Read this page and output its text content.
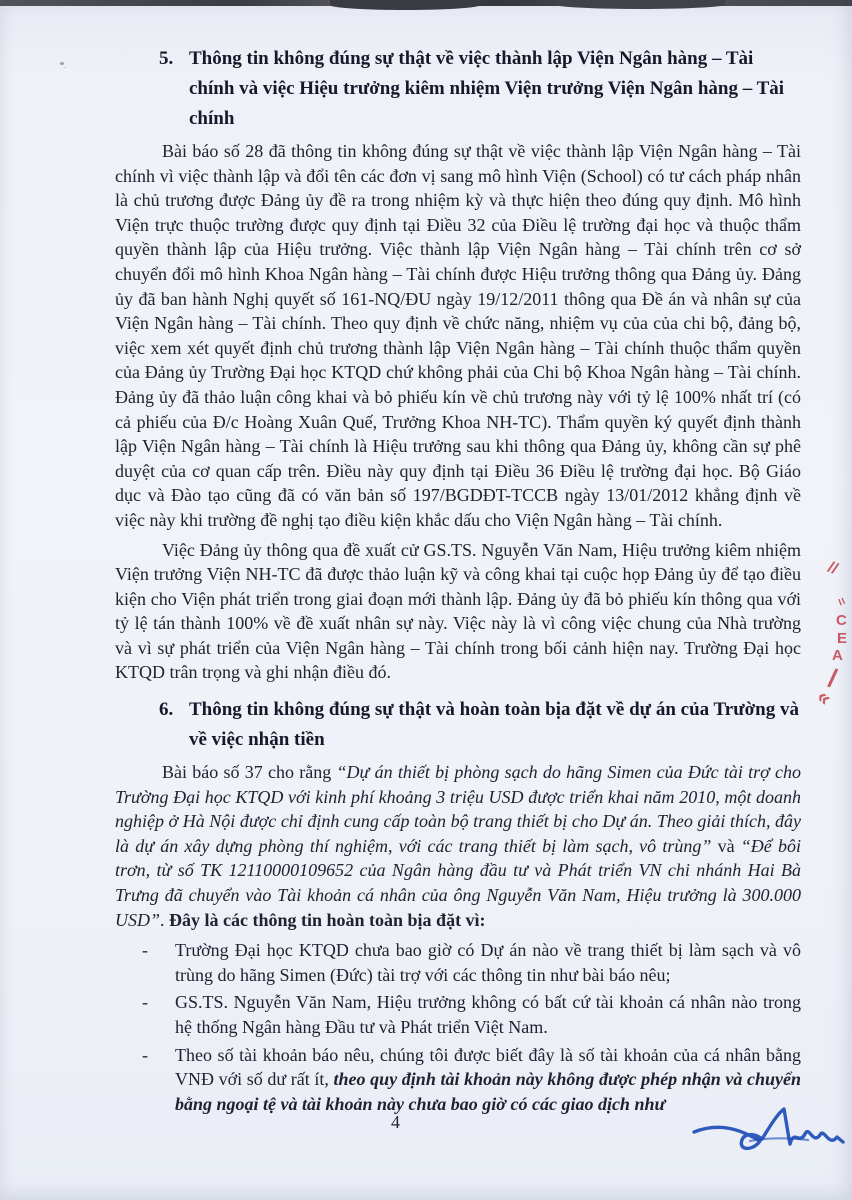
5. Thông tin không đúng sự thật về việc thành lập Viện Ngân hàng – Tài chính và việc Hiệu trưởng kiêm nhiệm Viện trưởng Viện Ngân hàng – Tài chính

Bài báo số 28 đã thông tin không đúng sự thật về việc thành lập Viện Ngân hàng – Tài chính vì việc thành lập và đổi tên các đơn vị sang mô hình Viện (School) có tư cách pháp nhân là chủ trương được Đảng ủy đề ra trong nhiệm kỳ và thực hiện theo đúng quy định. Mô hình Viện trực thuộc trường được quy định tại Điều 32 của Điều lệ trường đại học và thuộc thẩm quyền thành lập của Hiệu trưởng. Việc thành lập Viện Ngân hàng – Tài chính trên cơ sở chuyển đổi mô hình Khoa Ngân hàng – Tài chính được Hiệu trưởng thông qua Đảng ủy. Đảng ủy đã ban hành Nghị quyết số 161-NQ/ĐU ngày 19/12/2011 thông qua Đề án và nhân sự của Viện Ngân hàng – Tài chính. Theo quy định về chức năng, nhiệm vụ của của chi bộ, đảng bộ, việc xem xét quyết định chủ trương thành lập Viện Ngân hàng – Tài chính thuộc thẩm quyền của Đảng ủy Trường Đại học KTQD chứ không phải của Chi bộ Khoa Ngân hàng – Tài chính. Đảng ủy đã thảo luận công khai và bỏ phiếu kín về chủ trương này với tỷ lệ 100% nhất trí (có cả phiếu của Đ/c Hoàng Xuân Quế, Trưởng Khoa NH-TC). Thẩm quyền ký quyết định thành lập Viện Ngân hàng – Tài chính là Hiệu trưởng sau khi thông qua Đảng ủy, không cần sự phê duyệt của cơ quan cấp trên. Điều này quy định tại Điều 36 Điều lệ trường đại học. Bộ Giáo dục và Đào tạo cũng đã có văn bản số 197/BGDĐT-TCCB ngày 13/01/2012 khẳng định về việc này khi trường đề nghị tạo điều kiện khắc dấu cho Viện Ngân hàng – Tài chính.

Việc Đảng ủy thông qua đề xuất cử GS.TS. Nguyễn Văn Nam, Hiệu trưởng kiêm nhiệm Viện trưởng Viện NH-TC đã được thảo luận kỹ và công khai tại cuộc họp Đảng ủy để tạo điều kiện cho Viện phát triển trong giai đoạn mới thành lập. Đảng ủy đã bỏ phiếu kín thông qua với tỷ lệ tán thành 100% về đề xuất nhân sự này. Việc này là vì công việc chung của Nhà trường và vì sự phát triển của Viện Ngân hàng – Tài chính trong bối cảnh hiện nay. Trường Đại học KTQD trân trọng và ghi nhận điều đó.

6. Thông tin không đúng sự thật và hoàn toàn bịa đặt về dự án của Trường và về việc nhận tiền

Bài báo số 37 cho rằng “Dự án thiết bị phòng sạch do hãng Simen của Đức tài trợ cho Trường Đại học KTQD với kinh phí khoảng 3 triệu USD được triển khai năm 2010, một doanh nghiệp ở Hà Nội được chỉ định cung cấp toàn bộ trang thiết bị cho Dự án. Theo giải thích, đây là dự án xây dựng phòng thí nghiệm, với các trang thiết bị làm sạch, vô trùng” và “Để bôi trơn, từ số TK 12110000109652 của Ngân hàng đầu tư và Phát triển VN chi nhánh Hai Bà Trưng đã chuyển vào Tài khoản cá nhân của ông Nguyễn Văn Nam, Hiệu trưởng là 300.000 USD”. Đây là các thông tin hoàn toàn bịa đặt vì:

- Trường Đại học KTQD chưa bao giờ có Dự án nào về trang thiết bị làm sạch và vô trùng do hãng Simen (Đức) tài trợ với các thông tin như bài báo nêu;
- GS.TS. Nguyễn Văn Nam, Hiệu trưởng không có bất cứ tài khoản cá nhân nào trong hệ thống Ngân hàng Đầu tư và Phát triển Việt Nam.
- Theo số tài khoản báo nêu, chúng tôi được biết đây là số tài khoản của cá nhân bằng VNĐ với số dư rất ít, theo quy định tài khoản này không được phép nhận và chuyển bằng ngoại tệ và tài khoản này chưa bao giờ có các giao dịch như
4
//
=
C
E
A
/
«
